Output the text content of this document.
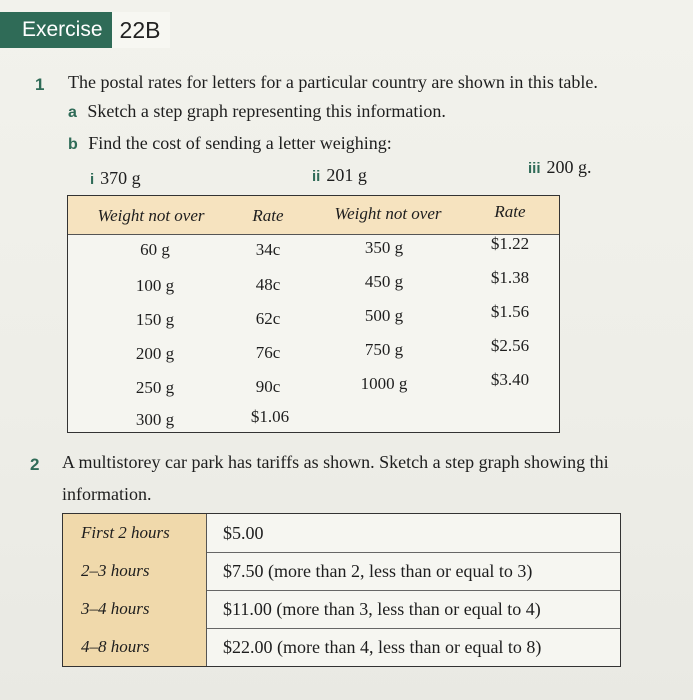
Exercise 22B
1 The postal rates for letters for a particular country are shown in this table.
a Sketch a step graph representing this information.
b Find the cost of sending a letter weighing:
i 370 g	ii 201 g	iii 200 g.
Weight not over	Rate	Weight not over	Rate
60 g	34c	350 g	$1.22
100 g	48c	450 g	$1.38
150 g	62c	500 g	$1.56
200 g	76c	750 g	$2.56
250 g	90c	1000 g	$3.40
300 g	$1.06
2 A multistorey car park has tariffs as shown. Sketch a step graph showing thi
information.
First 2 hours	$5.00
2–3 hours	$7.50 (more than 2, less than or equal to 3)
3–4 hours	$11.00 (more than 3, less than or equal to 4)
4–8 hours	$22.00 (more than 4, less than or equal to 8)
